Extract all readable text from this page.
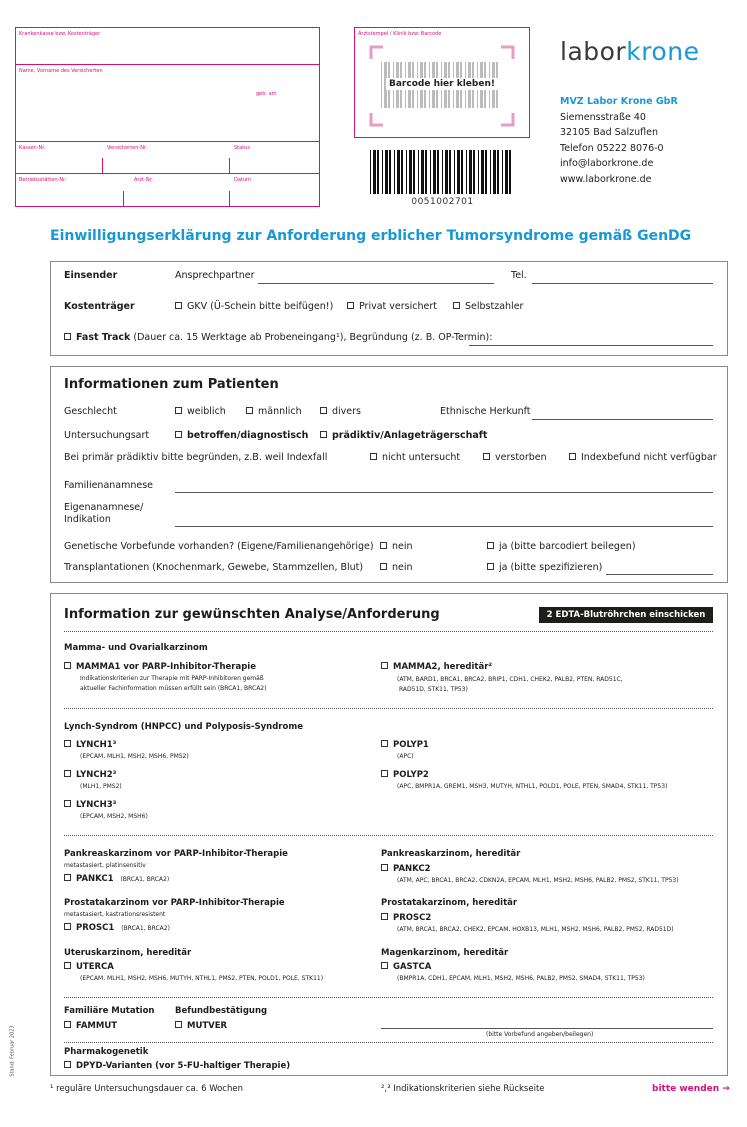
Krankenkasse bzw. Kostenträger
Name, Vorname des Versicherten
geb. am
Kassen-Nr.	Versicherten-Nr.	Status
Betriebsstätten-Nr.	Arzt-Nr.	Datum
Arztstempel / Klinik bzw. Barcode
Barcode hier kleben!
0051002701
laborkrone
MVZ Labor Krone GbR
Siemensstraße 40
32105 Bad Salzuflen
Telefon 05222 8076-0
info@laborkrone.de
www.laborkrone.de
Einwilligungserklärung zur Anforderung erblicher Tumorsyndrome gemäß GenDG
Einsender	Ansprechpartner	Tel.
Kostenträger	GKV (Ü-Schein bitte beifügen!)	Privat versichert	Selbstzahler
Fast Track (Dauer ca. 15 Werktage ab Probeneingang¹), Begründung (z. B. OP-Termin):
Informationen zum Patienten
Geschlecht	weiblich	männlich	divers	Ethnische Herkunft
Untersuchungsart	betroffen/diagnostisch	prädiktiv/Anlageträgerschaft
Bei primär prädiktiv bitte begründen, z.B. weil Indexfall	nicht untersucht	verstorben	Indexbefund nicht verfügbar
Familienanamnese
Eigenanamnese/
Indikation
Genetische Vorbefunde vorhanden? (Eigene/Familienangehörige)	nein	ja (bitte barcodiert beilegen)
Transplantationen (Knochenmark, Gewebe, Stammzellen, Blut)	nein	ja (bitte spezifizieren)
Information zur gewünschten Analyse/Anforderung	2 EDTA-Blutröhrchen einschicken
Mamma- und Ovarialkarzinom
MAMMA1 vor PARP-Inhibitor-Therapie
Indikationskriterien zur Therapie mit PARP-Inhibitoren gemäß
aktueller Fachinformation müssen erfüllt sein (BRCA1, BRCA2)
MAMMA2, hereditär²
(ATM, BARD1, BRCA1, BRCA2, BRIP1, CDH1, CHEK2, PALB2, PTEN, RAD51C,
RAD51D, STK11, TP53)
Lynch-Syndrom (HNPCC) und Polyposis-Syndrome
LYNCH1³
(EPCAM, MLH1, MSH2, MSH6, PMS2)
LYNCH2³
(MLH1, PMS2)
LYNCH3³
(EPCAM, MSH2, MSH6)
POLYP1
(APC)
POLYP2
(APC, BMPR1A, GREM1, MSH3, MUTYH, NTHL1, POLD1, POLE, PTEN, SMAD4, STK11, TP53)
Pankreaskarzinom vor PARP-Inhibitor-Therapie
metastasiert, platinsensitiv
PANKC1 (BRCA1, BRCA2)
Pankreaskarzinom, hereditär
PANKC2
(ATM, APC, BRCA1, BRCA2, CDKN2A, EPCAM, MLH1, MSH2, MSH6, PALB2, PMS2, STK11, TP53)
Prostatakarzinom vor PARP-Inhibitor-Therapie
metastasiert, kastrationsresistent
PROSC1 (BRCA1, BRCA2)
Prostatakarzinom, hereditär
PROSC2
(ATM, BRCA1, BRCA2, CHEK2, EPCAM, HOXB13, MLH1, MSH2, MSH6, PALB2, PMS2, RAD51D)
Uteruskarzinom, hereditär
UTERCA
(EPCAM, MLH1, MSH2, MSH6, MUTYH, NTHL1, PMS2, PTEN, POLD1, POLE, STK11)
Magenkarzinom, hereditär
GASTCA
(BMPR1A, CDH1, EPCAM, MLH1, MSH2, MSH6, PALB2, PMS2, SMAD4, STK11, TP53)
Familiäre Mutation
FAMMUT
Befundbestätigung
MUTVER
(bitte Vorbefund angeben/beilegen)
Pharmakogenetik
DPYD-Varianten (vor 5-FU-haltiger Therapie)
Stand: Februar 2023
¹ reguläre Untersuchungsdauer ca. 6 Wochen	²,³ Indikationskriterien siehe Rückseite	bitte wenden →
